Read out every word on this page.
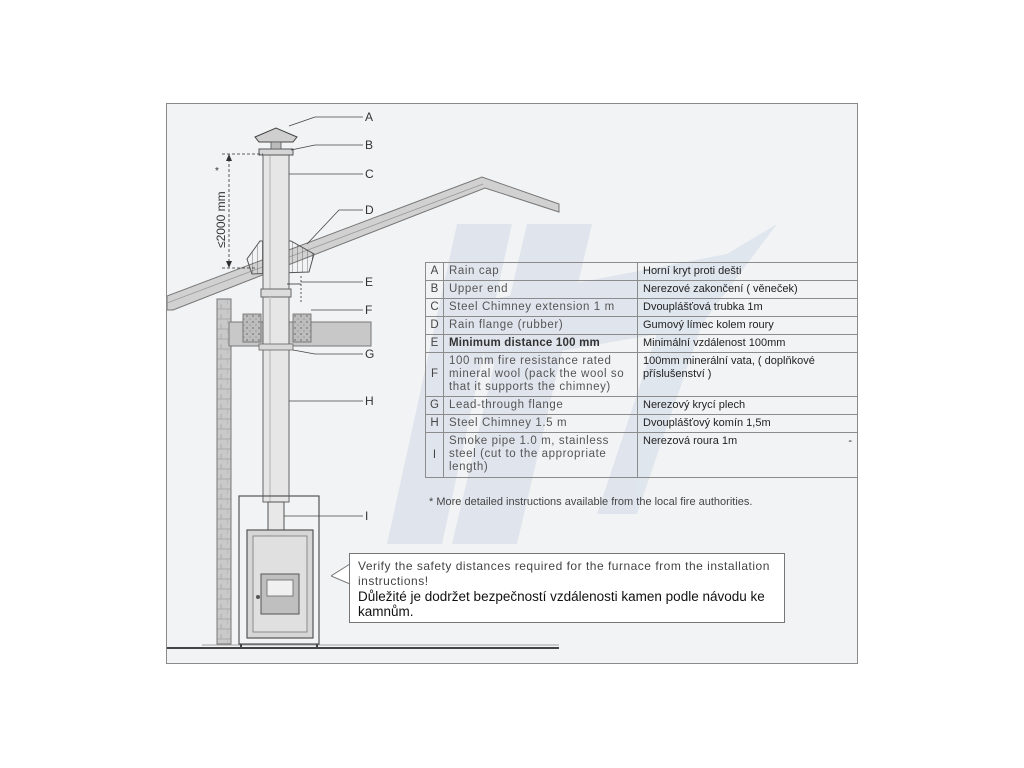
≤2000 mm
*
A
B
C
D
E
F
G
H
I
A	Rain cap	Horní kryt proti dešti
B	Upper end	Nerezové zakončení ( věneček)
C	Steel Chimney extension 1 m	Dvouplášťová trubka 1m
D	Rain flange (rubber)	Gumový límec kolem roury
E	Minimum distance 100 mm	Minimální vzdálenost 100mm
F	100 mm fire resistance rated mineral wool (pack the wool so that it supports the chimney)	100mm minerální vata, ( doplňkové příslušenství )
G	Lead-through flange	Nerezový krycí plech
H	Steel Chimney 1.5 m	Dvouplášťový komín 1,5m
I	Smoke pipe 1.0 m, stainless steel (cut to the appropriate length)	Nerezová roura 1m -
* More detailed instructions available from the local fire authorities.
Verify the safety distances required for the furnace from the installation instructions!
Důležité je dodržet bezpečností vzdálenosti kamen podle návodu ke kamnům.
